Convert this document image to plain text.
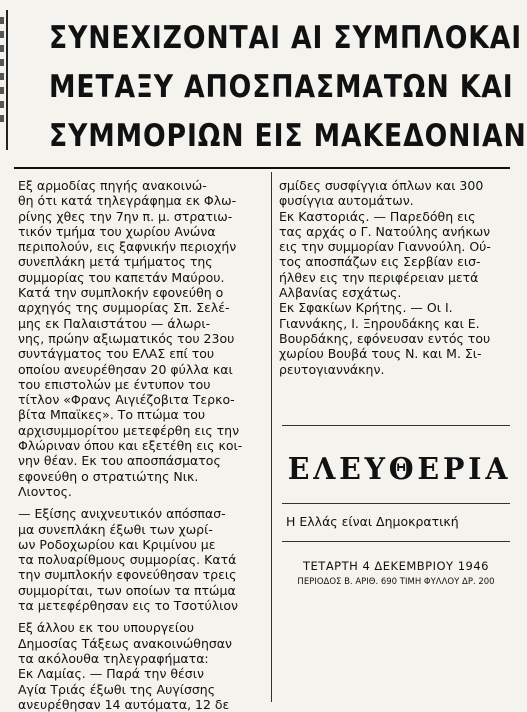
ΣΥΝΕΧΙΖΟΝΤΑΙ ΑΙ ΣΥΜΠΛΟΚΑΙ
ΜΕΤΑΞΥ ΑΠΟΣΠΑΣΜΑΤΩΝ ΚΑΙ
ΣΥΜΜΟΡΙΩΝ ΕΙΣ ΜΑΚΕΔΟΝΙΑΝ
Εξ αρμοδίας πηγής ανακοινώ-
θη ότι κατά τηλεγράφημα εκ Φλω-
ρίνης χθες την 7ην π. μ. στρατιω-
τικόν τμήμα του χωρίου Ανώνα
περιπολούν, εις ξαφνικήν περιοχήν
συνεπλάκη μετά τμήματος της
συμμορίας του καπετάν Μαύρου.
Κατά την συμπλοκήν εφονεύθη ο
αρχηγός της συμμορίας Σπ. Σελέ-
μης εκ Παλαιστάτου — άλωρι-
νης, πρώην αξιωματικός του 23ου
συντάγματος του ΕΛΑΣ επί του
οποίου ανευρέθησαν 20 φύλλα και
του επιστολών με έντυπον του
τίτλον «Φρανς Αιγιέζοβιτα Τερκο-
βίτα Μπαϊκες». Το πτώμα του
αρχισυμμορίτου μετεφέρθη εις την
Φλώριναν όπου και εξετέθη εις κοι-
νην θέαν. Εκ του αποσπάσματος
εφονεύθη ο στρατιώτης Νικ.
Λιοντος.
— Εξίσης ανιχνευτικόν απόσπασ-
μα συνεπλάκη έξωθι των χωρί-
ων Ροδοχωρίου και Κριμίνου με
τα πολυαρίθμους συμμορίας. Κατά
την συμπλοκήν εφονεύθησαν τρεις
συμμορίται, των οποίων τα πτώμα
τα μετεφέρθησαν εις το Τσοτύλιον
Εξ άλλου εκ του υπουργείου
Δημοσίας Τάξεως ανακοινώθησαν
τα ακόλουθα τηλεγραφήματα:
Εκ Λαμίας. — Παρά την θέσιν
Αγία Τριάς έξωθι της Αυγίσσης
ανευρέθησαν 14 αυτόματα, 12 δε
σμίδες συσφίγγια όπλων και 300
φυσίγγια αυτομάτων.
Εκ Καστοριάς. — Παρεδόθη εις
τας αρχάς ο Γ. Νατούλης ανήκων
εις την συμμορίαν Γιαννούλη. Ού-
τος αποσπάζων εις Σερβίαν εισ-
ήλθεν εις την περιφέρειαν μετά
Αλβανίας εσχάτως.
Εκ Σφακίων Κρήτης. — Οι Ι.
Γιαννάκης, Ι. Ξηρουδάκης και Ε.
Βουρδάκης, εφόνευσαν εντός του
χωρίου Βουβά τους Ν. και Μ. Σι-
ρευτογιαννάκην.
ΕΛΕΥΘΕΡΙΑ
Η Ελλάς είναι Δημοκρατική
ΤΕΤΑΡΤΗ 4 ΔΕΚΕΜΒΡΙΟΥ 1946
ΠΕΡΙΟΔΟΣ Β. ΑΡΙΘ. 690 ΤΙΜΗ ΦΥΛΛΟΥ ΔΡ. 200
